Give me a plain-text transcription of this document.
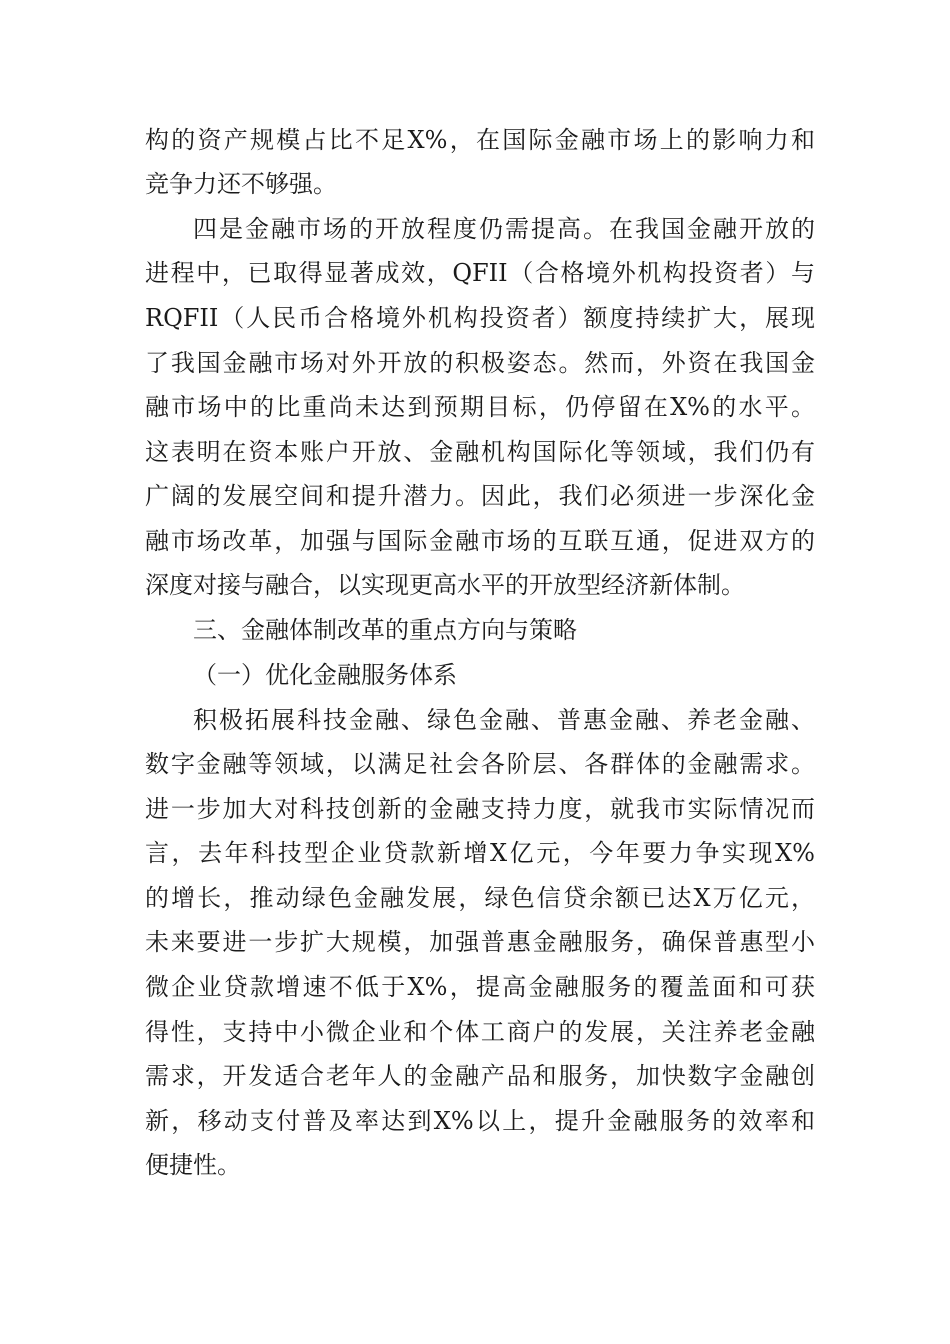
构的资产规模占比不足X%，在国际金融市场上的影响力和
竞争力还不够强。
四是金融市场的开放程度仍需提高。在我国金融开放的
进程中，已取得显著成效，QFII（合格境外机构投资者）与
RQFII（人民币合格境外机构投资者）额度持续扩大，展现
了我国金融市场对外开放的积极姿态。然而，外资在我国金
融市场中的比重尚未达到预期目标，仍停留在X%的水平。
这表明在资本账户开放、金融机构国际化等领域，我们仍有
广阔的发展空间和提升潜力。因此，我们必须进一步深化金
融市场改革，加强与国际金融市场的互联互通，促进双方的
深度对接与融合，以实现更高水平的开放型经济新体制。
三、金融体制改革的重点方向与策略
（一）优化金融服务体系
积极拓展科技金融、绿色金融、普惠金融、养老金融、
数字金融等领域，以满足社会各阶层、各群体的金融需求。
进一步加大对科技创新的金融支持力度，就我市实际情况而
言，去年科技型企业贷款新增X亿元，今年要力争实现X%
的增长，推动绿色金融发展，绿色信贷余额已达X万亿元，
未来要进一步扩大规模，加强普惠金融服务，确保普惠型小
微企业贷款增速不低于X%，提高金融服务的覆盖面和可获
得性，支持中小微企业和个体工商户的发展，关注养老金融
需求，开发适合老年人的金融产品和服务，加快数字金融创
新，移动支付普及率达到X%以上，提升金融服务的效率和
便捷性。
